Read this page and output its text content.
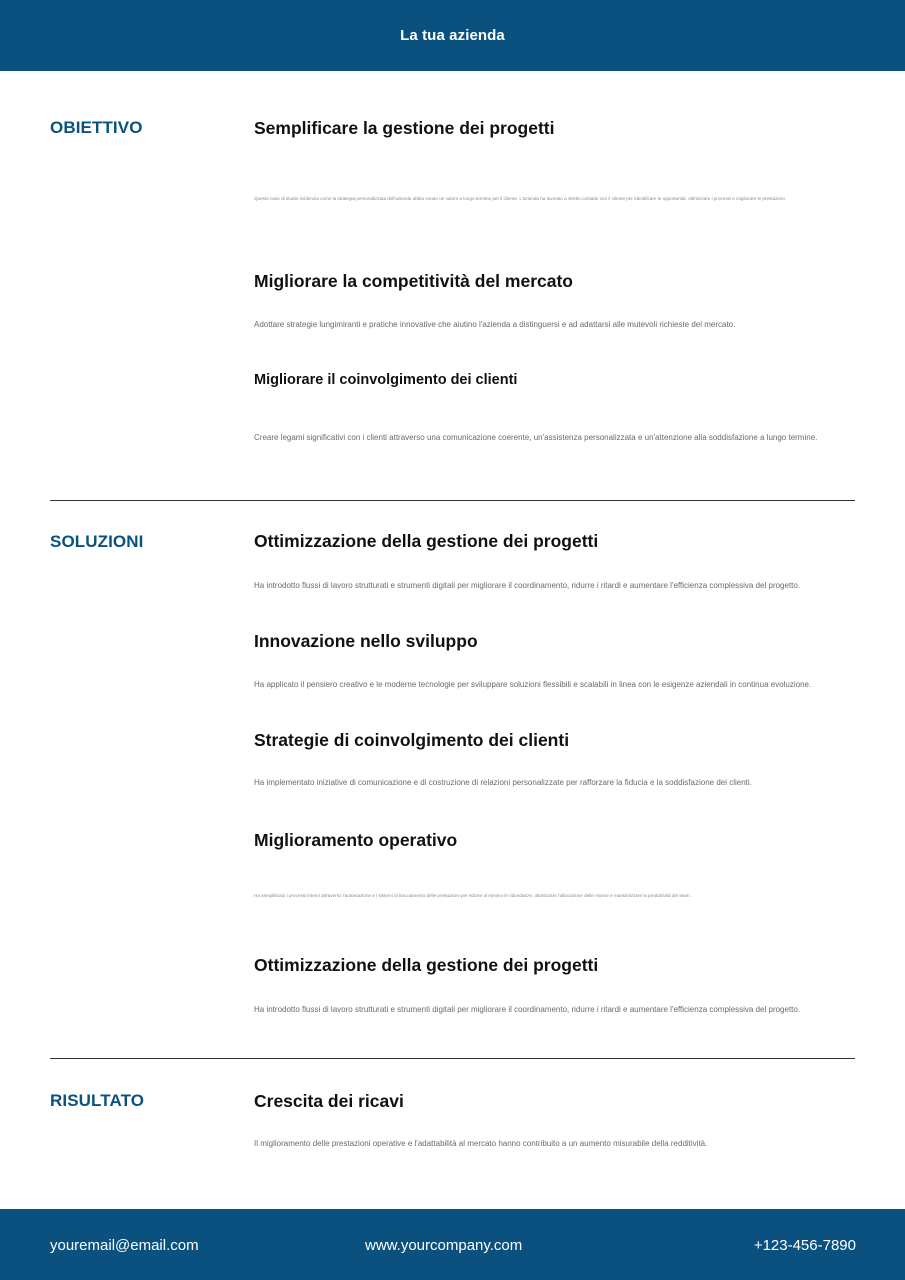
La tua azienda
OBIETTIVO	Semplificare la gestione dei progetti
Questo caso di studio evidenzia come la strategia personalizzata dell'azienda abbia creato un valore a lungo termine per il cliente. L'azienda ha lavorato a stretto contatto con il cliente per identificare le opportunità, ottimizzare i processi e migliorare le prestazioni.
Migliorare la competitività del mercato
Adottare strategie lungimiranti e pratiche innovative che aiutino l'azienda a distinguersi e ad adattarsi alle mutevoli richieste del mercato.
Migliorare il coinvolgimento dei clienti
Creare legami significativi con i clienti attraverso una comunicazione coerente, un'assistenza personalizzata e un'attenzione alla soddisfazione a lungo termine.
SOLUZIONI	Ottimizzazione della gestione dei progetti
Ha introdotto flussi di lavoro strutturati e strumenti digitali per migliorare il coordinamento, ridurre i ritardi e aumentare l'efficienza complessiva del progetto.
Innovazione nello sviluppo
Ha applicato il pensiero creativo e le moderne tecnologie per sviluppare soluzioni flessibili e scalabili in linea con le esigenze aziendali in continua evoluzione.
Strategie di coinvolgimento dei clienti
Ha implementato iniziative di comunicazione e di costruzione di relazioni personalizzate per rafforzare la fiducia e la soddisfazione dei clienti.
Miglioramento operativo
Ha semplificato i processi interni attraverso l'automazione e i sistemi di tracciamento delle prestazioni per ridurre al minimo le ridondanze, ottimizzare l'allocazione delle risorse e massimizzare la produttività dei team.
Ottimizzazione della gestione dei progetti
Ha introdotto flussi di lavoro strutturati e strumenti digitali per migliorare il coordinamento, ridurre i ritardi e aumentare l'efficienza complessiva del progetto.
RISULTATO	Crescita dei ricavi
Il miglioramento delle prestazioni operative e l'adattabilità al mercato hanno contribuito a un aumento misurabile della redditività.
youremail@email.com	www.yourcompany.com	+123-456-7890
